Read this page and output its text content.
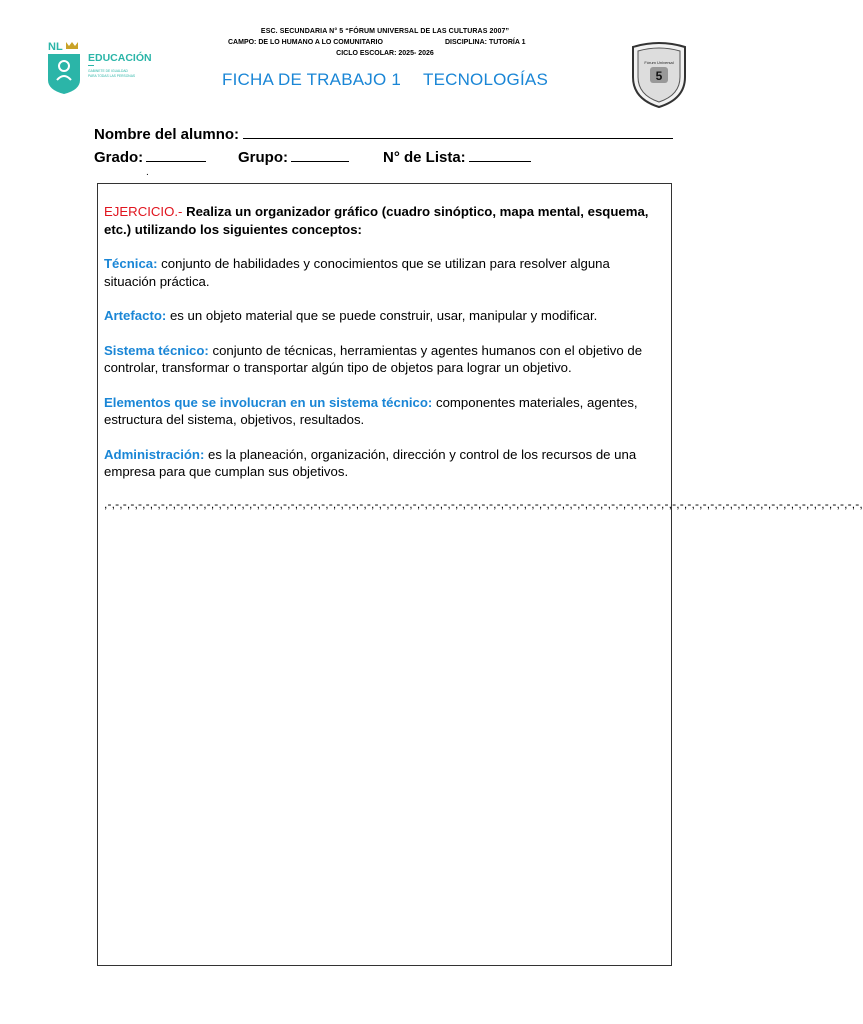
NL
EDUCACIÓN
GABINETE DE IGUALDAD
PARA TODAS LAS PERSONAS
ESC. SECUNDARIA N° 5 “FÓRUM UNIVERSAL DE LAS CULTURAS 2007”
CAMPO: DE LO HUMANO A LO COMUNITARIO	DISCIPLINA: TUTORÍA 1
CICLO ESCOLAR: 2025- 2026
FICHA DE TRABAJO 1 TECNOLOGÍAS
Fórum Universal
5
Nombre del alumno:
Grado:	Grupo:	N° de Lista:
.

EJERCICIO.- Realiza un organizador gráfico (cuadro sinóptico, mapa mental, esquema, etc.) utilizando los siguientes conceptos:

Técnica: conjunto de habilidades y conocimientos que se utilizan para resolver alguna situación práctica.

Artefacto: es un objeto material que se puede construir, usar, manipular y modificar.

Sistema técnico: conjunto de técnicas, herramientas y agentes humanos con el objetivo de controlar, transformar o transportar algún tipo de objetos para lograr un objetivo.

Elementos que se involucran en un sistema técnico: componentes materiales, agentes, estructura del sistema, objetivos, resultados.

Administración: es la planeación, organización, dirección y control de los recursos de una empresa para que cumplan sus objetivos.

,-,-,-,-,-,-,-,-,-,-,-,-,-,-,-,-,-,-,-,-,-,-,-,-,-,-,-,-,-,-,-,-,-,-,-,-,-,-,-,-,-,-,-,-,-,-,-,-,-,-,-,-,-,-,-,-,-,-,-,-,-,-,-,-,-,-,-,-,-,-,-,-,-,-,-,-,-,-,-,-,-,-,-,-,-,-,-,-,-,-,-,-,-,-,-,-,-,-,-,
